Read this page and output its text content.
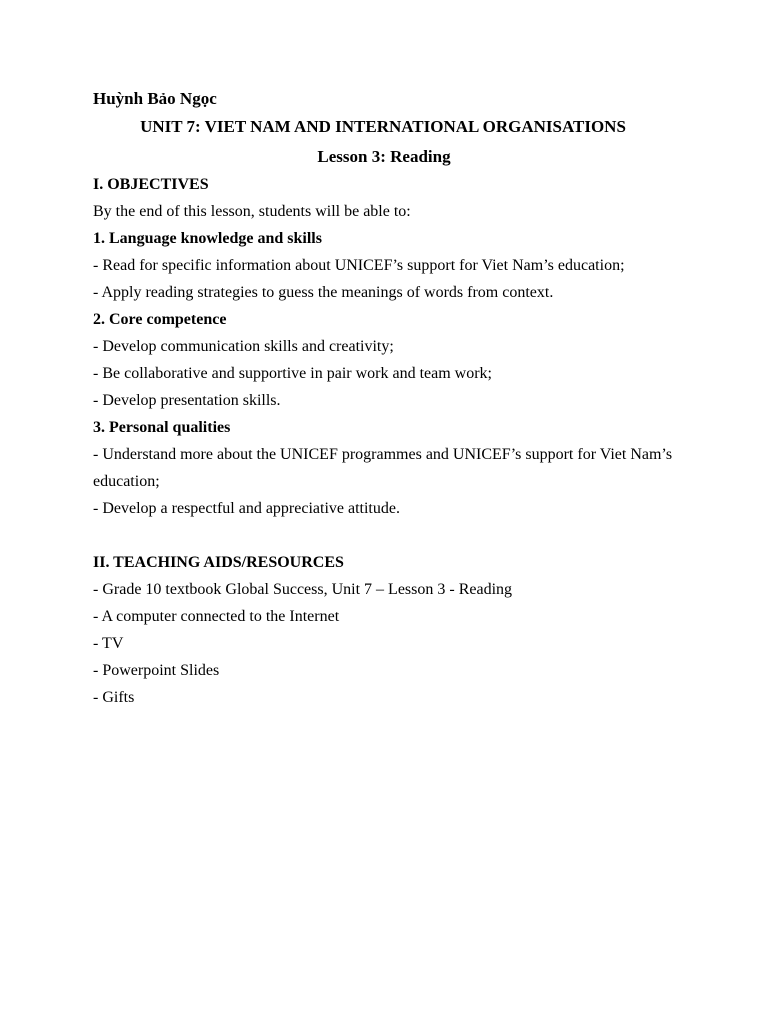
Huỳnh Bảo Ngọc
UNIT 7: VIET NAM AND INTERNATIONAL ORGANISATIONS
Lesson 3: Reading
I. OBJECTIVES
By the end of this lesson, students will be able to:
1. Language knowledge and skills
- Read for specific information about UNICEF’s support for Viet Nam’s education;
- Apply reading strategies to guess the meanings of words from context.
2. Core competence
- Develop communication skills and creativity;
- Be collaborative and supportive in pair work and team work;
- Develop presentation skills.
3. Personal qualities
- Understand more about the UNICEF programmes and UNICEF’s support for Viet Nam’s education;
- Develop a respectful and appreciative attitude.
II. TEACHING AIDS/RESOURCES
- Grade 10 textbook Global Success, Unit 7 – Lesson 3 - Reading
- A computer connected to the Internet
- TV
- Powerpoint Slides
- Gifts
